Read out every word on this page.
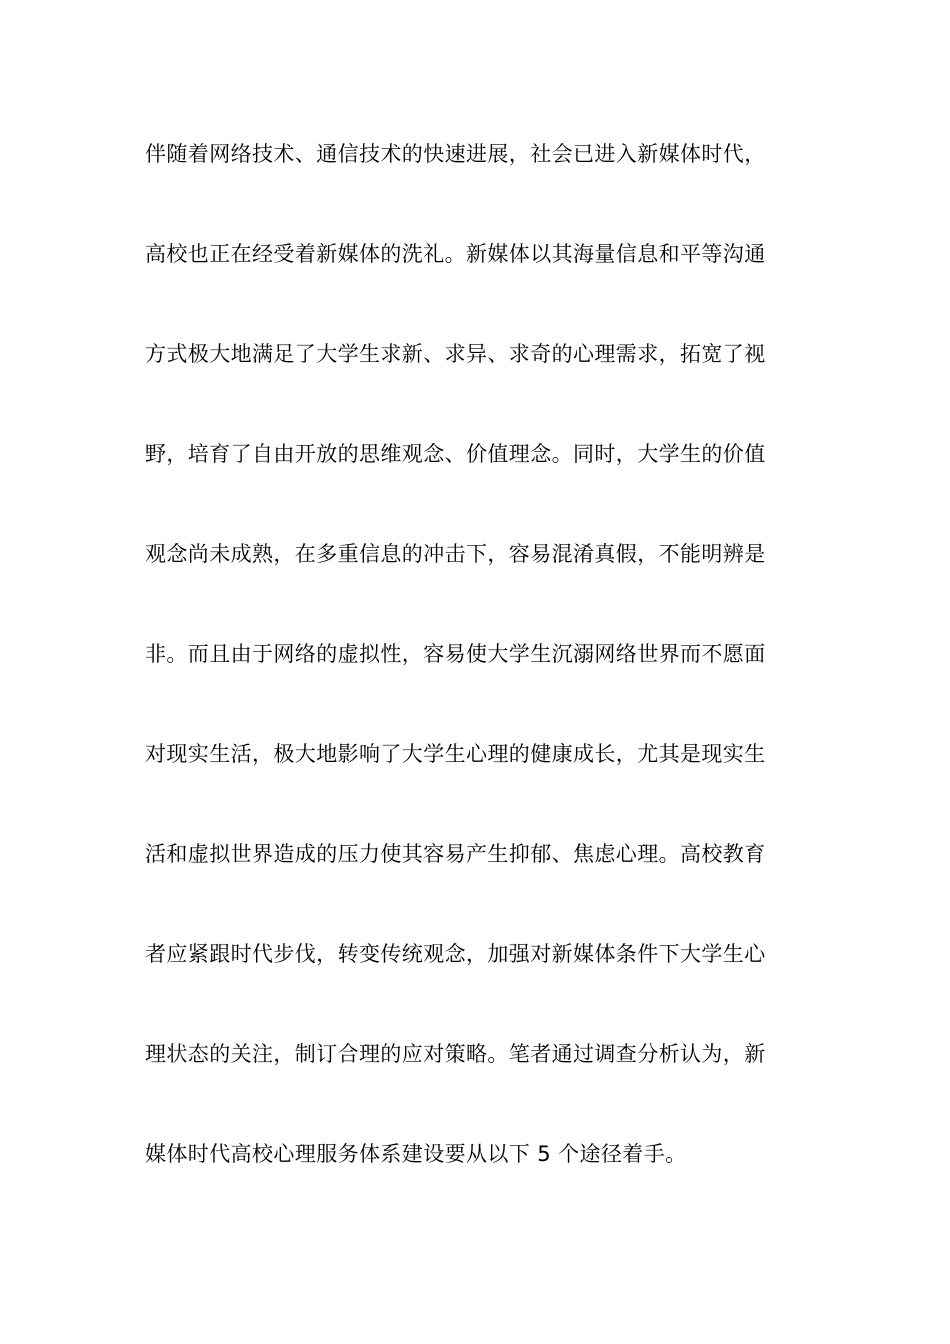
伴随着网络技术、通信技术的快速进展，社会已进入新媒体时代，
高校也正在经受着新媒体的洗礼。新媒体以其海量信息和平等沟通
方式极大地满足了大学生求新、求异、求奇的心理需求，拓宽了视
野，培育了自由开放的思维观念、价值理念。同时，大学生的价值
观念尚未成熟，在多重信息的冲击下，容易混淆真假，不能明辨是
非。而且由于网络的虚拟性，容易使大学生沉溺网络世界而不愿面
对现实生活，极大地影响了大学生心理的健康成长，尤其是现实生
活和虚拟世界造成的压力使其容易产生抑郁、焦虑心理。高校教育
者应紧跟时代步伐，转变传统观念，加强对新媒体条件下大学生心
理状态的关注，制订合理的应对策略。笔者通过调查分析认为，新
媒体时代高校心理服务体系建设要从以下 5 个途径着手。
